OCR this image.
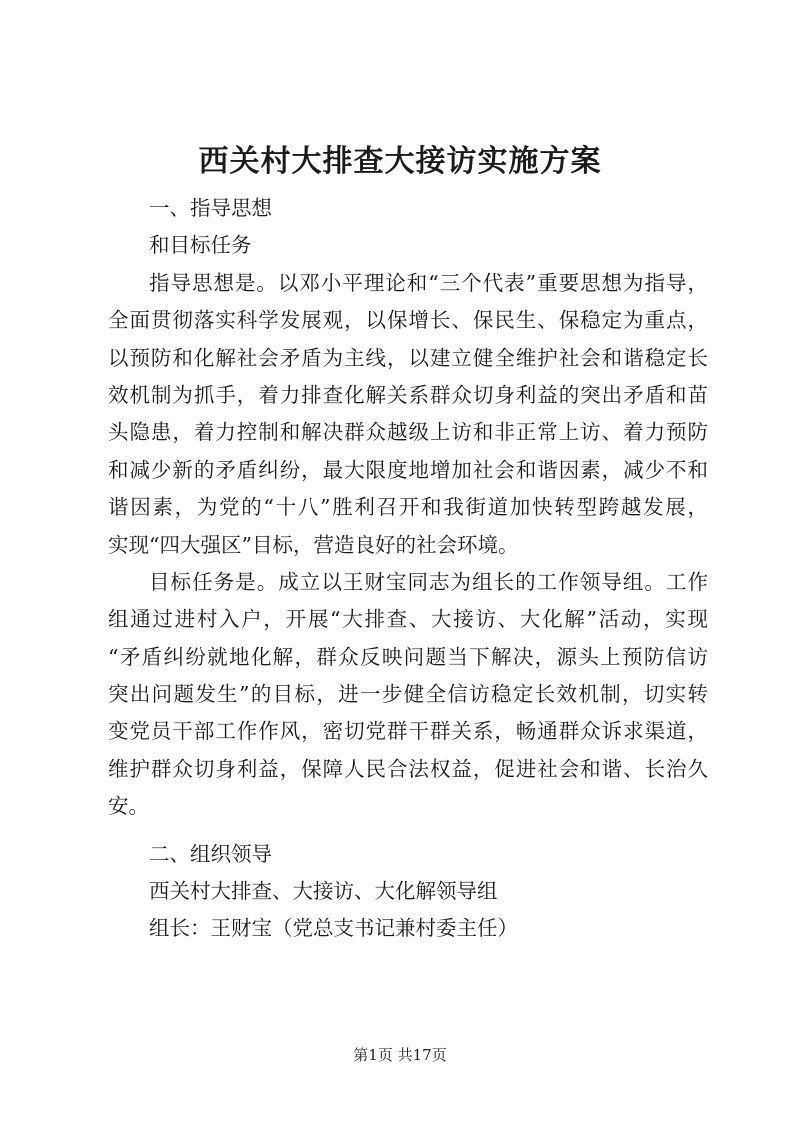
西关村大排查大接访实施方案
一、指导思想
和目标任务
指导思想是。以邓小平理论和“三个代表”重要思想为指导，
全面贯彻落实科学发展观，以保增长、保民生、保稳定为重点，
以预防和化解社会矛盾为主线，以建立健全维护社会和谐稳定长
效机制为抓手，着力排查化解关系群众切身利益的突出矛盾和苗
头隐患，着力控制和解决群众越级上访和非正常上访、着力预防
和减少新的矛盾纠纷，最大限度地增加社会和谐因素，减少不和
谐因素，为党的“十八”胜利召开和我街道加快转型跨越发展，
实现“四大强区”目标，营造良好的社会环境。
目标任务是。成立以王财宝同志为组长的工作领导组。工作
组通过进村入户，开展“大排查、大接访、大化解”活动，实现
“矛盾纠纷就地化解，群众反映问题当下解决，源头上预防信访
突出问题发生”的目标，进一步健全信访稳定长效机制，切实转
变党员干部工作作风，密切党群干群关系，畅通群众诉求渠道，
维护群众切身利益，保障人民合法权益，促进社会和谐、长治久
安。
二、组织领导
西关村大排查、大接访、大化解领导组
组长：王财宝（党总支书记兼村委主任）
第1页 共17页
